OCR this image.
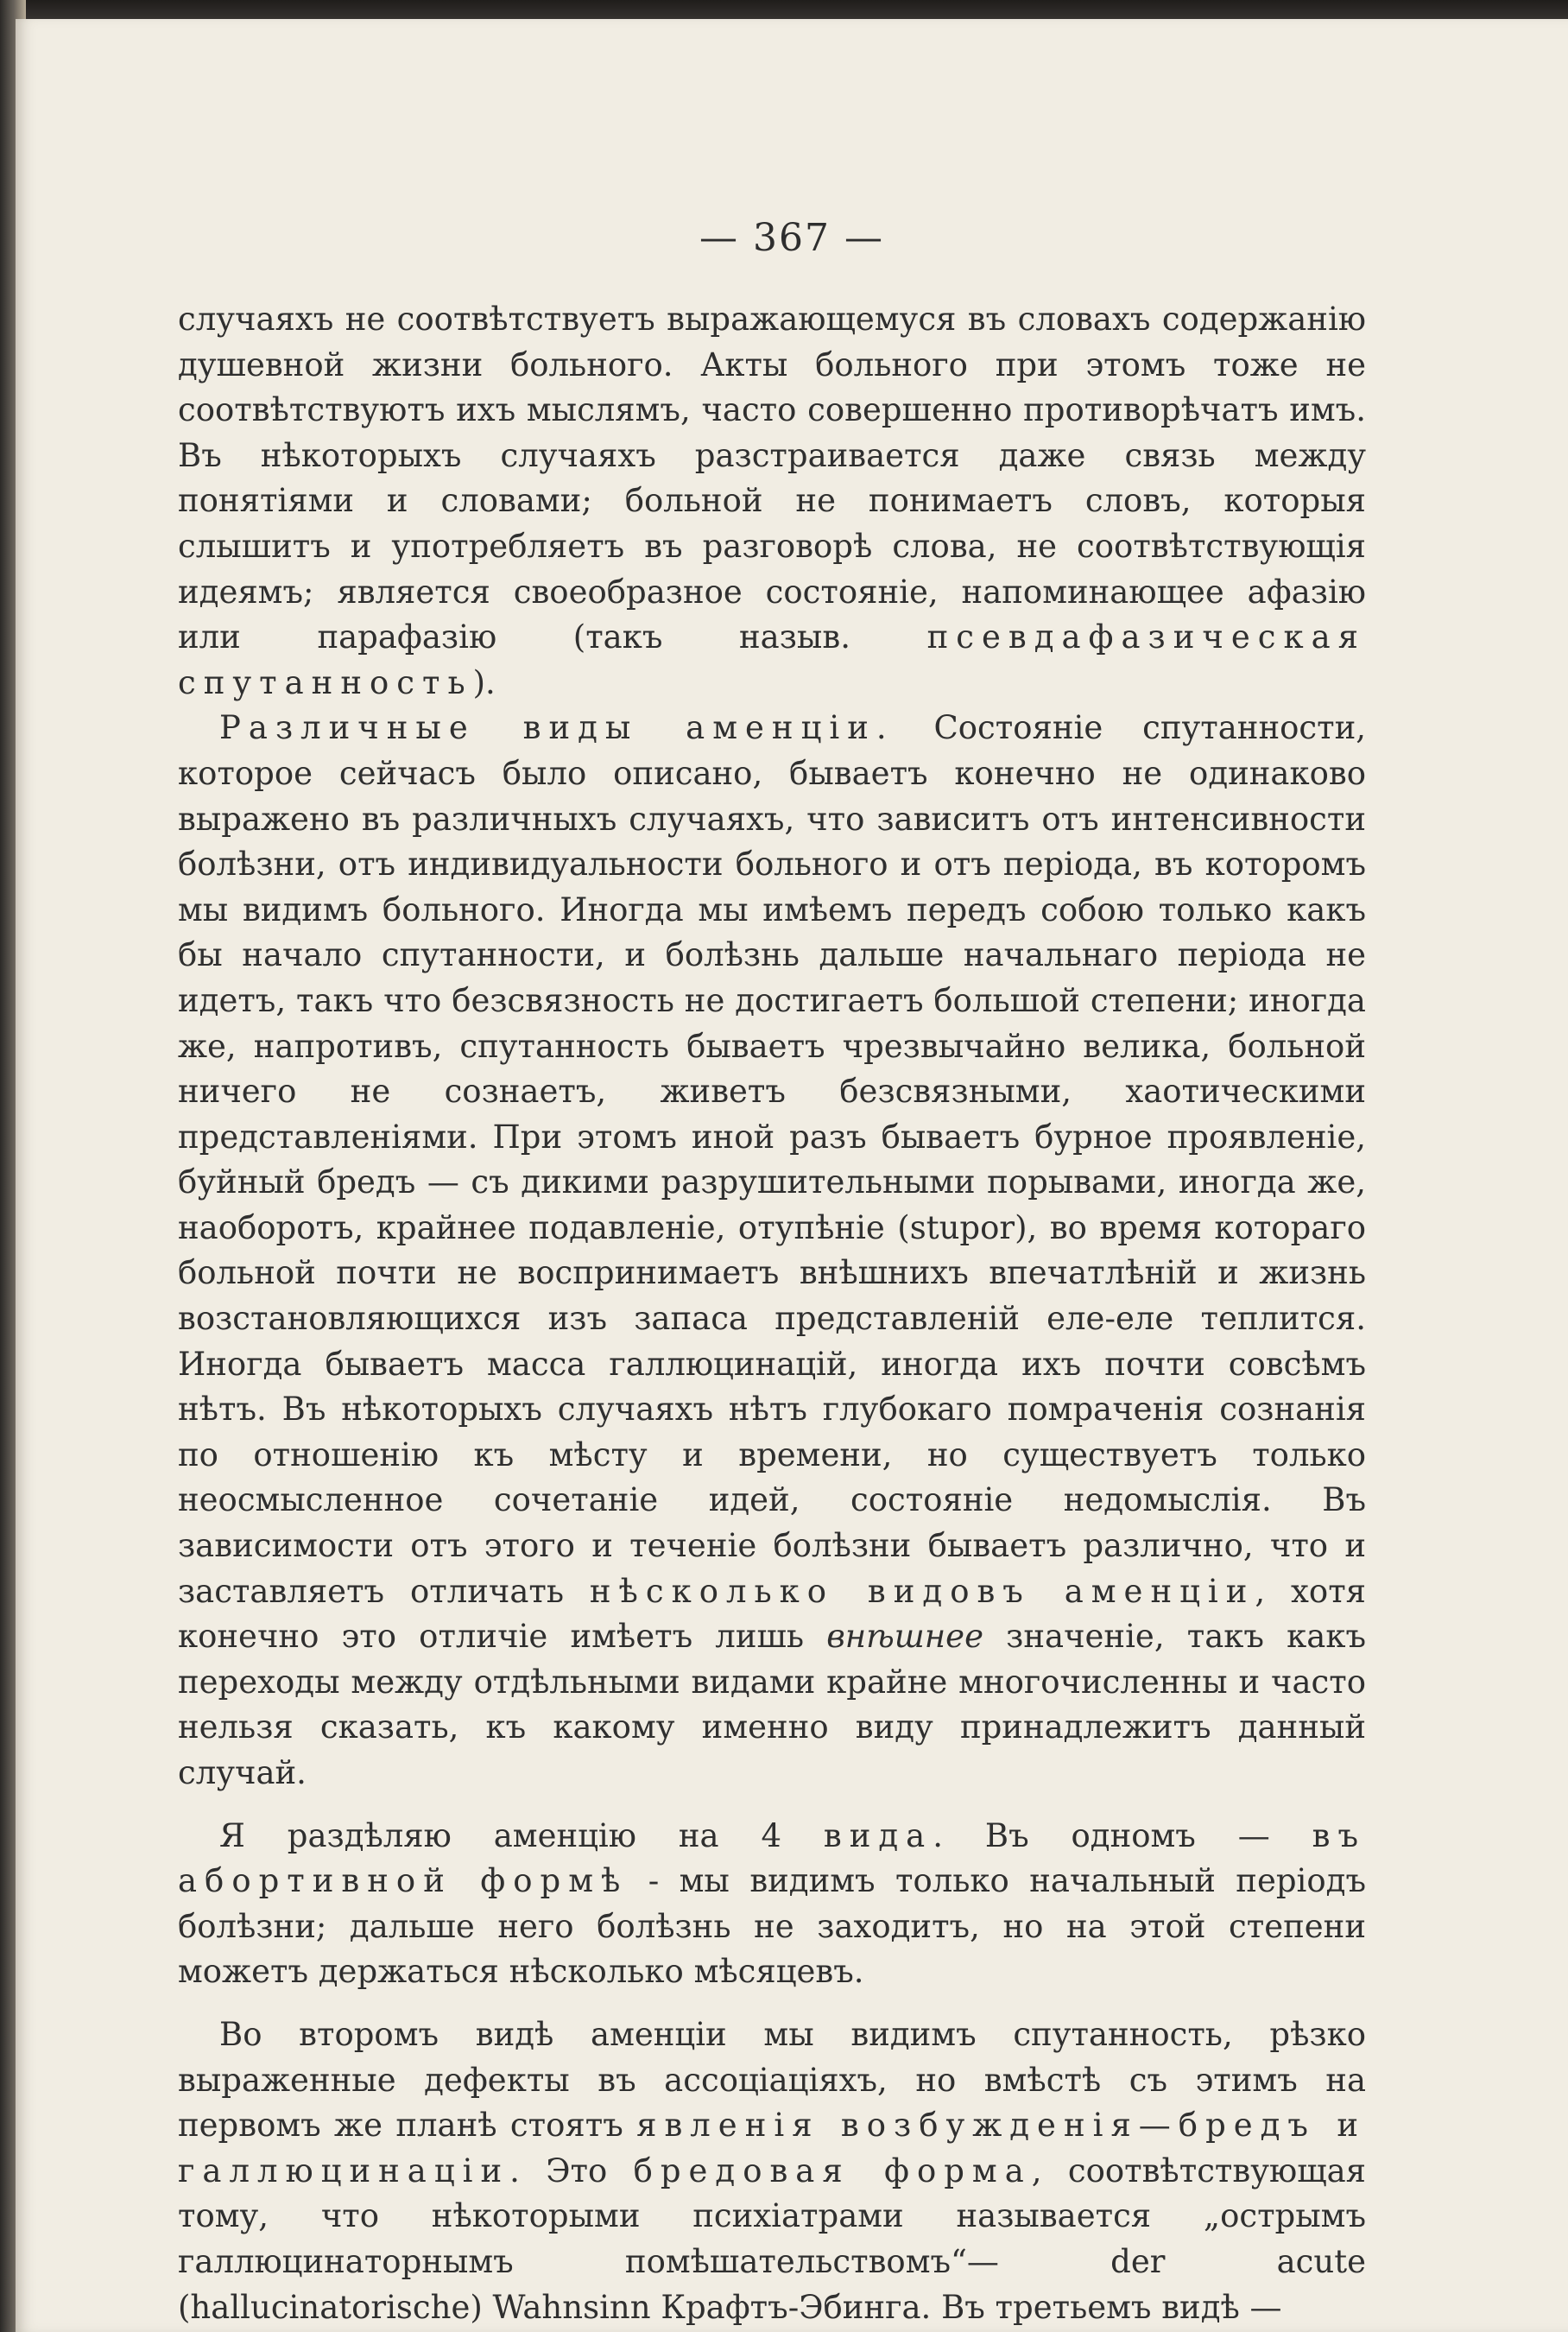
— 367 —

случаяхъ не соотвѣтствуетъ выражающемуся въ словахъ содержанію душевной жизни больного. Акты больного при этомъ тоже не соотвѣтствуютъ ихъ мыслямъ, часто совершенно противорѣчатъ имъ. Въ нѣкоторыхъ случаяхъ разстраивается даже связь между понятіями и словами; больной не понимаетъ словъ, которыя слышитъ и употребляетъ въ разговорѣ слова, не соотвѣтствующія идеямъ; является своеобразное состояніе, напоминающее афазію или парафазію (такъ назыв. псевдафазическая спутанность).

Различные виды аменціи. Состояніе спутанности, которое сейчасъ было описано, бываетъ конечно не одинаково выражено въ различныхъ случаяхъ, что зависитъ отъ интенсивности болѣзни, отъ индивидуальности больного и отъ періода, въ которомъ мы видимъ больного. Иногда мы имѣемъ передъ собою только какъ бы начало спутанности, и болѣзнь дальше начальнаго періода не идетъ, такъ что безсвязность не достигаетъ большой степени; иногда же, напротивъ, спутанность бываетъ чрезвычайно велика, больной ничего не сознаетъ, живетъ безсвязными, хаотическими представленіями. При этомъ иной разъ бываетъ бурное проявленіе, буйный бредъ — съ дикими разрушительными порывами, иногда же, наоборотъ, крайнее подавленіе, отупѣніе (stupor), во время котораго больной почти не воспринимаетъ внѣшнихъ впечатлѣній и жизнь возстановляющихся изъ запаса представленій еле-еле теплится. Иногда бываетъ масса галлюцинацій, иногда ихъ почти совсѣмъ нѣтъ. Въ нѣкоторыхъ случаяхъ нѣтъ глубокаго помраченія сознанія по отношенію къ мѣсту и времени, но существуетъ только неосмысленное сочетаніе идей, состояніе недомыслія. Въ зависимости отъ этого и теченіе болѣзни бываетъ различно, что и заставляетъ отличать нѣсколько видовъ аменціи, хотя конечно это отличіе имѣетъ лишь внѣшнее значеніе, такъ какъ переходы между отдѣльными видами крайне многочисленны и часто нельзя сказать, къ какому именно виду принадлежитъ данный случай.

Я раздѣляю аменцію на 4 вида. Въ одномъ — въ абортивной формѣ - мы видимъ только начальный періодъ болѣзни; дальше него болѣзнь не заходитъ, но на этой степени можетъ держаться нѣсколько мѣсяцевъ.

Во второмъ видѣ аменціи мы видимъ спутанность, рѣзко выраженные дефекты въ ассоціаціяхъ, но вмѣстѣ съ этимъ на первомъ же планѣ стоятъ явленія возбужденія—бредъ и галлюцинаціи. Это бредовая форма, соотвѣтствующая тому, что нѣкоторыми психіатрами называется „острымъ галлюцинаторнымъ помѣшательствомъ“— der acute (hallucinatorische) Wahnsinn Крафтъ-Эбинга. Въ третьемъ видѣ —
